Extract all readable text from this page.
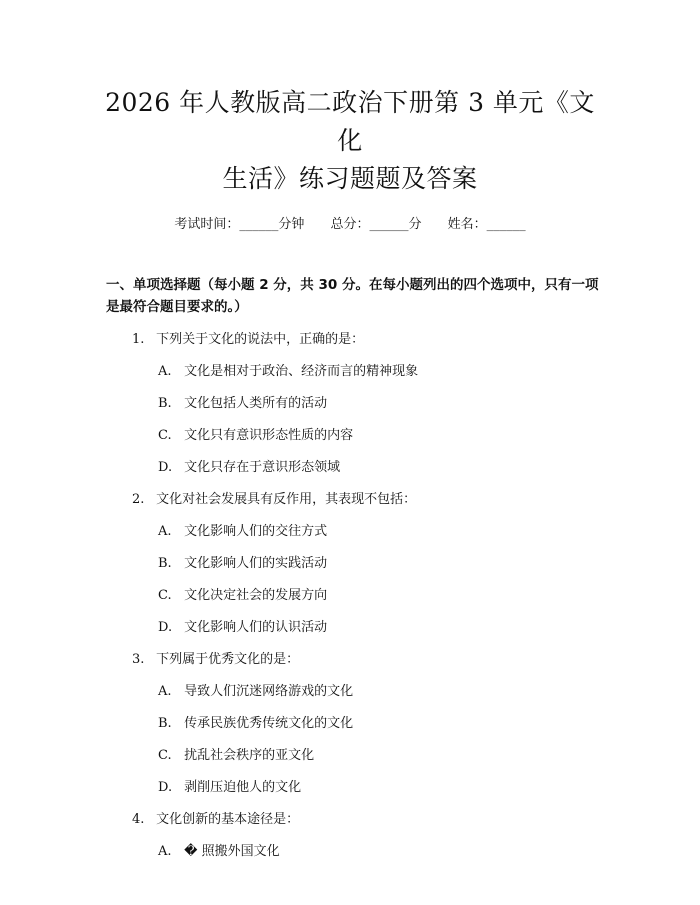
2026 年人教版高二政治下册第 3 单元《文化
生活》练习题题及答案
考试时间：______分钟 总分：______分 姓名：______
一、单项选择题（每小题 2 分，共 30 分。在每小题列出的四个选项中，只有一项是最符合题目要求的。）
1. 下列关于文化的说法中，正确的是：
A. 文化是相对于政治、经济而言的精神现象
B. 文化包括人类所有的活动
C. 文化只有意识形态性质的内容
D. 文化只存在于意识形态领域
2. 文化对社会发展具有反作用，其表现不包括：
A. 文化影响人们的交往方式
B. 文化影响人们的实践活动
C. 文化决定社会的发展方向
D. 文化影响人们的认识活动
3. 下列属于优秀文化的是：
A. 导致人们沉迷网络游戏的文化
B. 传承民族优秀传统文化的文化
C. 扰乱社会秩序的亚文化
D. 剥削压迫他人的文化
4. 文化创新的基本途径是：
A. � 照搬外国文化
